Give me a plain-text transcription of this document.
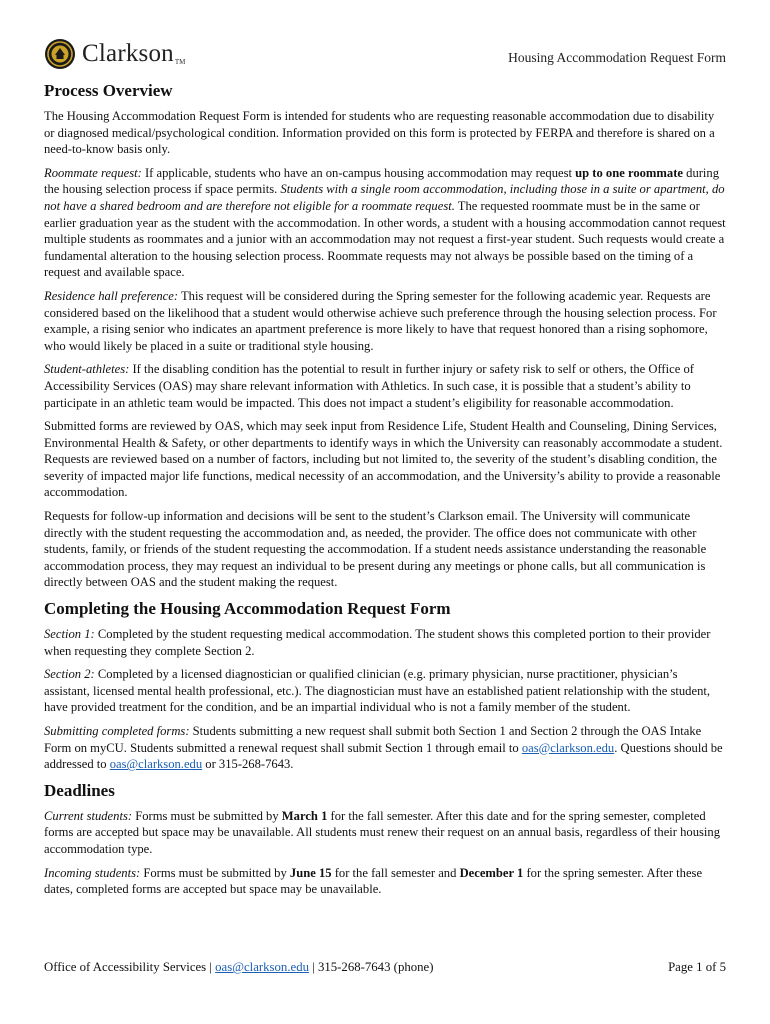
Clarkson TM	Housing Accommodation Request Form
Process Overview

The Housing Accommodation Request Form is intended for students who are requesting reasonable accommodation due to disability or diagnosed medical/psychological condition. Information provided on this form is protected by FERPA and therefore is shared on a need-to-know basis only.

Roommate request: If applicable, students who have an on-campus housing accommodation may request up to one roommate during the housing selection process if space permits. Students with a single room accommodation, including those in a suite or apartment, do not have a shared bedroom and are therefore not eligible for a roommate request. The requested roommate must be in the same or earlier graduation year as the student with the accommodation. In other words, a student with a housing accommodation cannot request multiple students as roommates and a junior with an accommodation may not request a first-year student. Such requests would create a fundamental alteration to the housing selection process. Roommate requests may not always be possible based on the timing of a request and available space.

Residence hall preference: This request will be considered during the Spring semester for the following academic year. Requests are considered based on the likelihood that a student would otherwise achieve such preference through the housing selection process. For example, a rising senior who indicates an apartment preference is more likely to have that request honored than a rising sophomore, who would likely be placed in a suite or traditional style housing.

Student-athletes: If the disabling condition has the potential to result in further injury or safety risk to self or others, the Office of Accessibility Services (OAS) may share relevant information with Athletics. In such case, it is possible that a student’s ability to participate in an athletic team would be impacted. This does not impact a student’s eligibility for reasonable accommodation.

Submitted forms are reviewed by OAS, which may seek input from Residence Life, Student Health and Counseling, Dining Services, Environmental Health & Safety, or other departments to identify ways in which the University can reasonably accommodate a student. Requests are reviewed based on a number of factors, including but not limited to, the severity of the student’s disabling condition, the severity of impacted major life functions, medical necessity of an accommodation, and the University’s ability to provide a reasonable accommodation.

Requests for follow-up information and decisions will be sent to the student’s Clarkson email. The University will communicate directly with the student requesting the accommodation and, as needed, the provider. The office does not communicate with other students, family, or friends of the student requesting the accommodation. If a student needs assistance understanding the reasonable accommodation process, they may request an individual to be present during any meetings or phone calls, but all communication is directly between OAS and the student making the request.

Completing the Housing Accommodation Request Form

Section 1: Completed by the student requesting medical accommodation. The student shows this completed portion to their provider when requesting they complete Section 2.

Section 2: Completed by a licensed diagnostician or qualified clinician (e.g. primary physician, nurse practitioner, physician’s assistant, licensed mental health professional, etc.). The diagnostician must have an established patient relationship with the student, have provided treatment for the condition, and be an impartial individual who is not a family member of the student.

Submitting completed forms: Students submitting a new request shall submit both Section 1 and Section 2 through the OAS Intake Form on myCU. Students submitted a renewal request shall submit Section 1 through email to oas@clarkson.edu. Questions should be addressed to oas@clarkson.edu or 315-268-7643.

Deadlines

Current students: Forms must be submitted by March 1 for the fall semester. After this date and for the spring semester, completed forms are accepted but space may be unavailable. All students must renew their request on an annual basis, regardless of their housing accommodation type.

Incoming students: Forms must be submitted by June 15 for the fall semester and December 1 for the spring semester. After these dates, completed forms are accepted but space may be unavailable.

Office of Accessibility Services | oas@clarkson.edu | 315-268-7643 (phone)	Page 1 of 5
